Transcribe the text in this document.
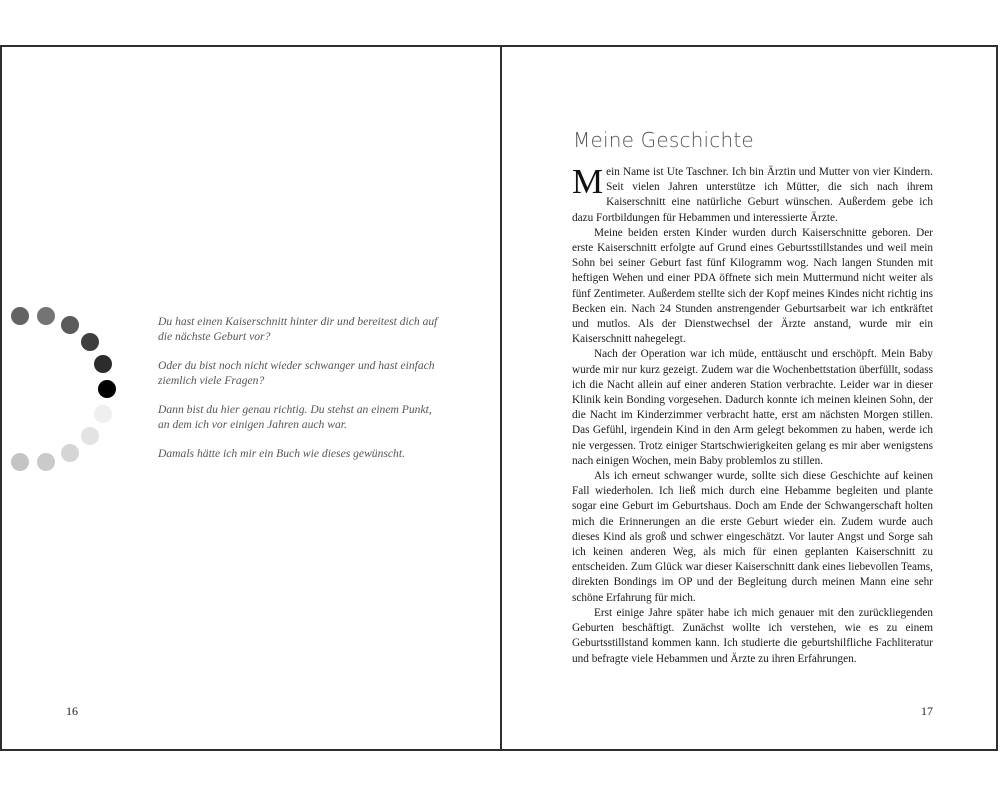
Du hast einen Kaiserschnitt hinter dir und bereitest dich auf die nächste Geburt vor?

Oder du bist noch nicht wieder schwanger und hast einfach ziemlich viele Fragen?

Dann bist du hier genau richtig. Du stehst an einem Punkt, an dem ich vor einigen Jahren auch war.

Damals hätte ich mir ein Buch wie dieses gewünscht.

16
Meine Geschichte

Mein Name ist Ute Taschner. Ich bin Ärztin und Mutter von vier Kindern. Seit vielen Jahren unterstütze ich Mütter, die sich nach ihrem Kaiserschnitt eine natürliche Geburt wünschen. Außerdem gebe ich dazu Fortbildungen für Hebammen und interessierte Ärzte.

Meine beiden ersten Kinder wurden durch Kaiserschnitte geboren. Der erste Kaiserschnitt erfolgte auf Grund eines Geburtsstillstandes und weil mein Sohn bei seiner Geburt fast fünf Kilogramm wog. Nach langen Stunden mit heftigen Wehen und einer PDA öffnete sich mein Muttermund nicht weiter als fünf Zentimeter. Außerdem stellte sich der Kopf meines Kindes nicht richtig ins Becken ein. Nach 24 Stunden anstrengender Geburtsarbeit war ich entkräftet und mutlos. Als der Dienstwechsel der Ärzte anstand, wurde mir ein Kaiserschnitt nahegelegt.

Nach der Operation war ich müde, enttäuscht und erschöpft. Mein Baby wurde mir nur kurz gezeigt. Zudem war die Wochenbettstation überfüllt, sodass ich die Nacht allein auf einer anderen Station verbrachte. Leider war in dieser Klinik kein Bonding vorgesehen. Dadurch konnte ich meinen kleinen Sohn, der die Nacht im Kinderzimmer verbracht hatte, erst am nächsten Morgen stillen. Das Gefühl, irgendein Kind in den Arm gelegt bekommen zu haben, werde ich nie vergessen. Trotz einiger Startschwierigkeiten gelang es mir aber wenigstens nach einigen Wochen, mein Baby problemlos zu stillen.

Als ich erneut schwanger wurde, sollte sich diese Geschichte auf keinen Fall wiederholen. Ich ließ mich durch eine Hebamme begleiten und plante sogar eine Geburt im Geburtshaus. Doch am Ende der Schwangerschaft holten mich die Erinnerungen an die erste Geburt wieder ein. Zudem wurde auch dieses Kind als groß und schwer eingeschätzt. Vor lauter Angst und Sorge sah ich keinen anderen Weg, als mich für einen geplanten Kaiserschnitt zu entscheiden. Zum Glück war dieser Kaiserschnitt dank eines liebevollen Teams, direkten Bondings im OP und der Begleitung durch meinen Mann eine sehr schöne Erfahrung für mich.

Erst einige Jahre später habe ich mich genauer mit den zurückliegenden Geburten beschäftigt. Zunächst wollte ich verstehen, wie es zu einem Geburtsstillstand kommen kann. Ich studierte die geburtshilfliche Fachliteratur und befragte viele Hebammen und Ärzte zu ihren Erfahrungen.

17
